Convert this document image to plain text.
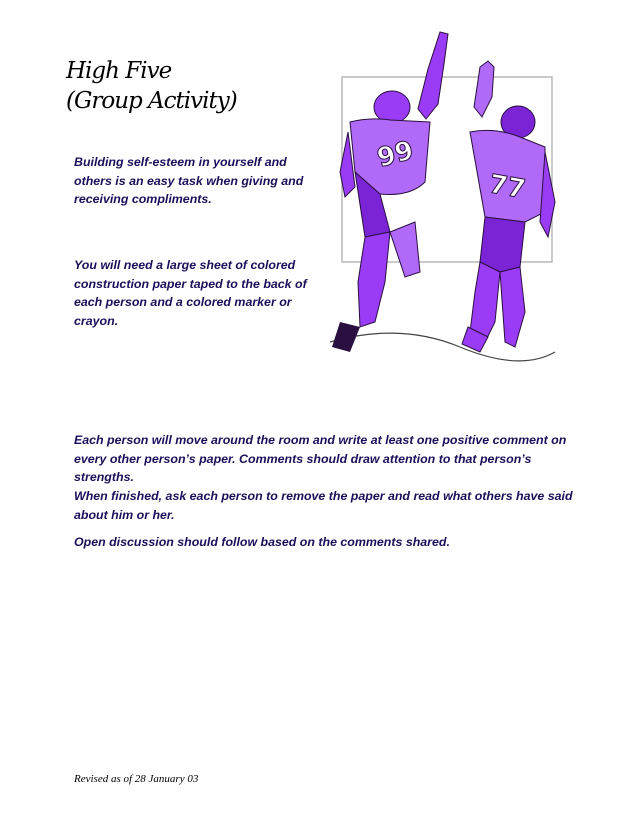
High Five
(Group Activity)
Building self-esteem in yourself and others is an easy task when giving and receiving compliments.
You will need a large sheet of colored construction paper taped to the back of each person and a colored marker or crayon.
Each person will move around the room and write at least one positive comment on every other person’s paper. Comments should draw attention to that person’s strengths.
When finished, ask each person to remove the paper and read what others have said about him or her.
Open discussion should follow based on the comments shared.
99
77
Revised as of 28 January 03
